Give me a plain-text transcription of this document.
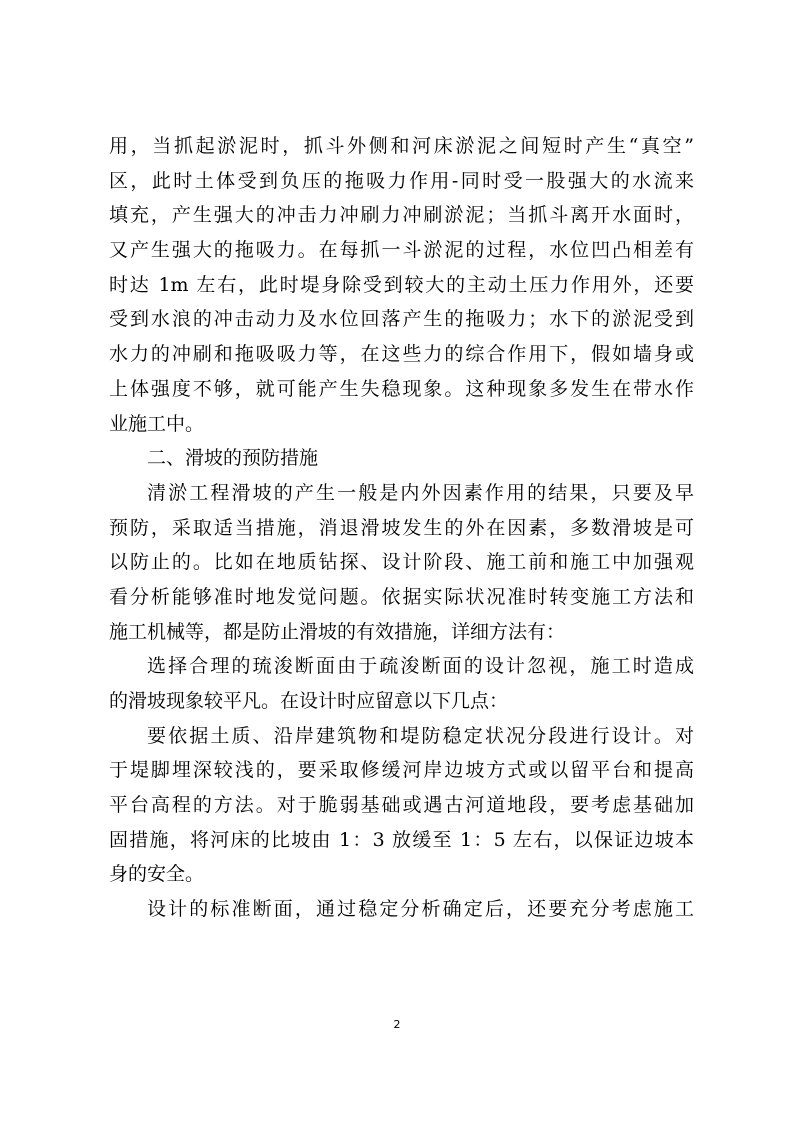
用，当抓起淤泥时，抓斗外侧和河床淤泥之间短时产生“真空”
区，此时土体受到负压的拖吸力作用-同时受一股强大的水流来
填充，产生强大的冲击力冲刷力冲刷淤泥；当抓斗离开水面时，
又产生强大的拖吸力。在每抓一斗淤泥的过程，水位凹凸相差有
时达 1m 左右，此时堤身除受到较大的主动土压力作用外，还要
受到水浪的冲击动力及水位回落产生的拖吸力；水下的淤泥受到
水力的冲刷和拖吸吸力等，在这些力的综合作用下，假如墙身或
上体强度不够，就可能产生失稳现象。这种现象多发生在带水作
业施工中。
二、滑坡的预防措施
清淤工程滑坡的产生一般是内外因素作用的结果，只要及早
预防，采取适当措施，消退滑坡发生的外在因素，多数滑坡是可
以防止的。比如在地质钻探、设计阶段、施工前和施工中加强观
看分析能够准时地发觉问题。依据实际状况准时转变施工方法和
施工机械等，都是防止滑坡的有效措施，详细方法有：
选择合理的琉浚断面由于疏浚断面的设计忽视，施工时造成
的滑坡现象较平凡。在设计时应留意以下几点：
要依据土质、沿岸建筑物和堤防稳定状况分段进行设计。对
于堤脚埋深较浅的，要采取修缓河岸边坡方式或以留平台和提高
平台高程的方法。对于脆弱基础或遇古河道地段，要考虑基础加
固措施，将河床的比坡由 1：3 放缓至 1：5 左右，以保证边坡本
身的安全。
设计的标准断面，通过稳定分析确定后，还要充分考虑施工
2
